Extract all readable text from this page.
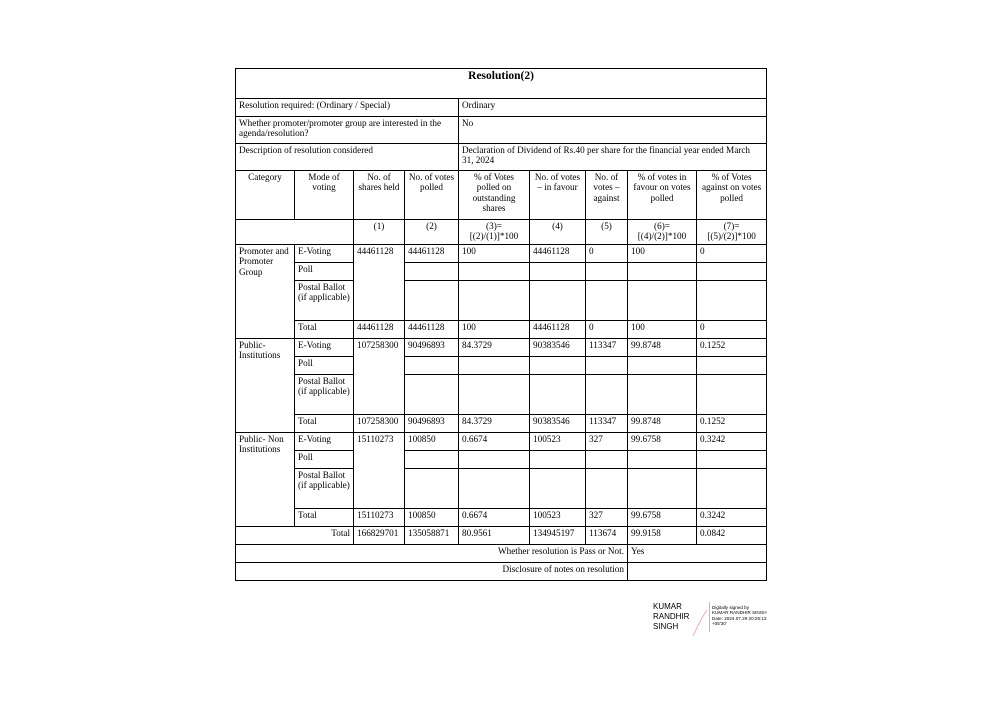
Resolution(2)								
Resolution required: (Ordinary / Special)				Ordinary				
Whether promoter/promoter group are interested in the agenda/resolution?				No				
Description of resolution considered				Declaration of Dividend of Rs.40 per share for the financial year ended March 31, 2024				
Category	Mode of voting	No. of shares held	No. of votes polled	% of Votes polled on outstanding shares	No. of votes – in favour	No. of votes – against	% of votes in favour on votes polled	% of Votes against on votes polled
		(1)	(2)	(3)=[(2)/(1)]*100	(4)	(5)	(6)=[(4)/(2)]*100	(7)=[(5)/(2)]*100
Promoter and Promoter Group	E-Voting	44461128	44461128	100	44461128	0	100	0
	Poll							
	Postal Ballot (if applicable)							
	Total	44461128	44461128	100	44461128	0	100	0
Public- Institutions	E-Voting	107258300	90496893	84.3729	90383546	113347	99.8748	0.1252
	Poll							
	Postal Ballot (if applicable)							
	Total	107258300	90496893	84.3729	90383546	113347	99.8748	0.1252
Public- Non Institutions	E-Voting	15110273	100850	0.6674	100523	327	99.6758	0.3242
	Poll							
	Postal Ballot (if applicable)							
	Total	15110273	100850	0.6674	100523	327	99.6758	0.3242
Total		166829701	135058871	80.9561	134945197	113674	99.9158	0.0842
Whether resolution is Pass or Not.							Yes	
Disclosure of notes on resolution								
KUMAR
RANDHIR
SINGH
Digitally signed by
KUMAR RANDHIR SINGH
Date: 2024.07.29 20:26:13
+05'30'
